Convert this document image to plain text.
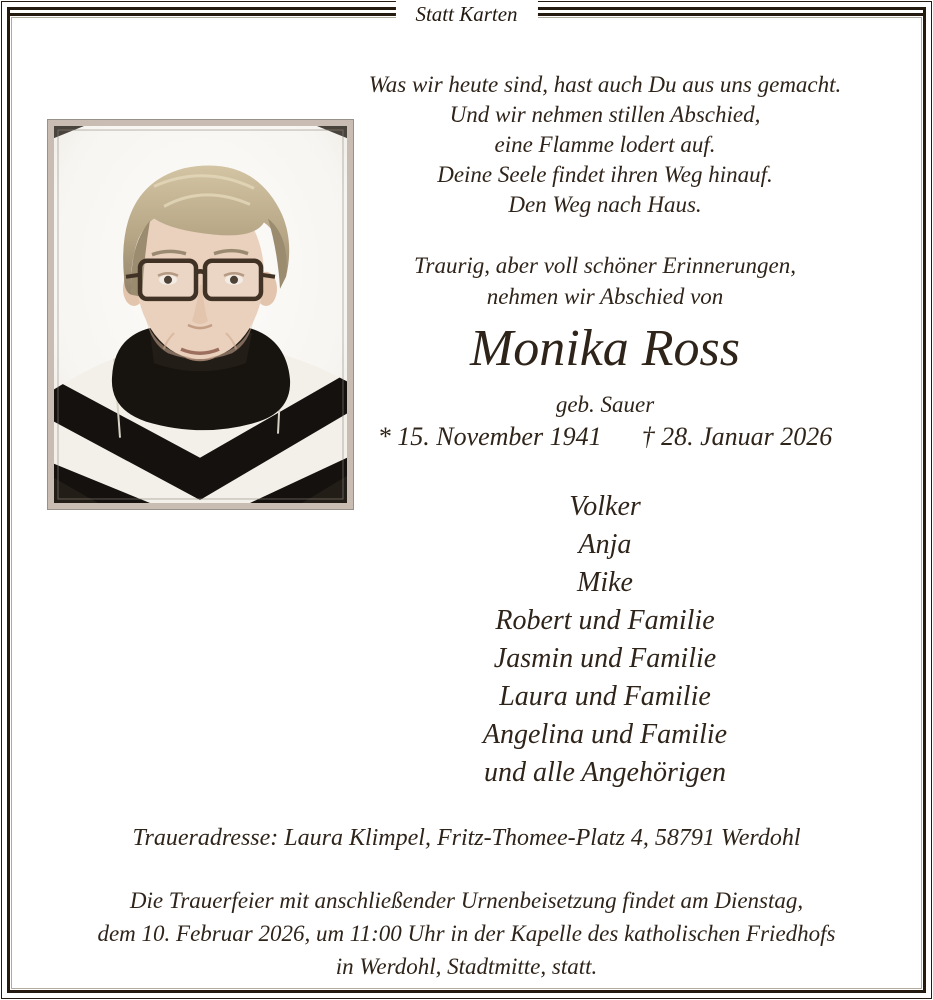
Statt Karten
Was wir heute sind, hast auch Du aus uns gemacht.
Und wir nehmen stillen Abschied,
eine Flamme lodert auf.
Deine Seele findet ihren Weg hinauf.
Den Weg nach Haus.
Traurig, aber voll schöner Erinnerungen,
nehmen wir Abschied von
Monika Ross
geb. Sauer
* 15. November 1941 † 28. Januar 2026
Volker
Anja
Mike
Robert und Familie
Jasmin und Familie
Laura und Familie
Angelina und Familie
und alle Angehörigen
Traueradresse: Laura Klimpel, Fritz-Thomee-Platz 4, 58791 Werdohl
Die Trauerfeier mit anschließender Urnenbeisetzung findet am Dienstag,
dem 10. Februar 2026, um 11:00 Uhr in der Kapelle des katholischen Friedhofs
in Werdohl, Stadtmitte, statt.
